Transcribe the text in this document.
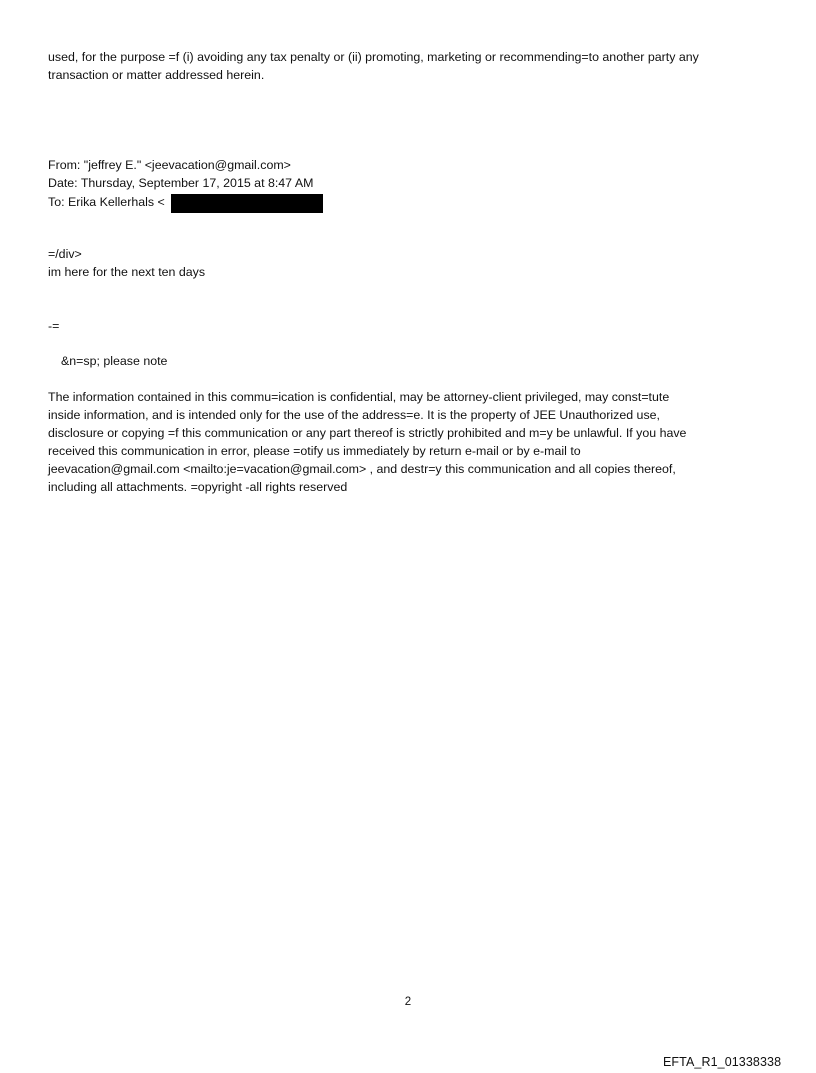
used, for the purpose =f (i) avoiding any tax penalty or (ii) promoting, marketing or recommending=to another party any
transaction or matter addressed herein.
From: "jeffrey E." <jeevacation@gmail.com>
Date: Thursday, September 17, 2015 at 8:47 AM
To: Erika Kellerhals <
=/div>
im here for the next ten days
-=
&n=sp; please note
The information contained in this commu=ication is confidential, may be attorney-client privileged, may const=tute
inside information, and is intended only for the use of the address=e. It is the property of JEE Unauthorized use,
disclosure or copying =f this communication or any part thereof is strictly prohibited and m=y be unlawful. If you have
received this communication in error, please =otify us immediately by return e-mail or by e-mail to
jeevacation@gmail.com <mailto:je=vacation@gmail.com> , and destr=y this communication and all copies thereof,
including all attachments. =opyright -all rights reserved
2
EFTA_R1_01338338
